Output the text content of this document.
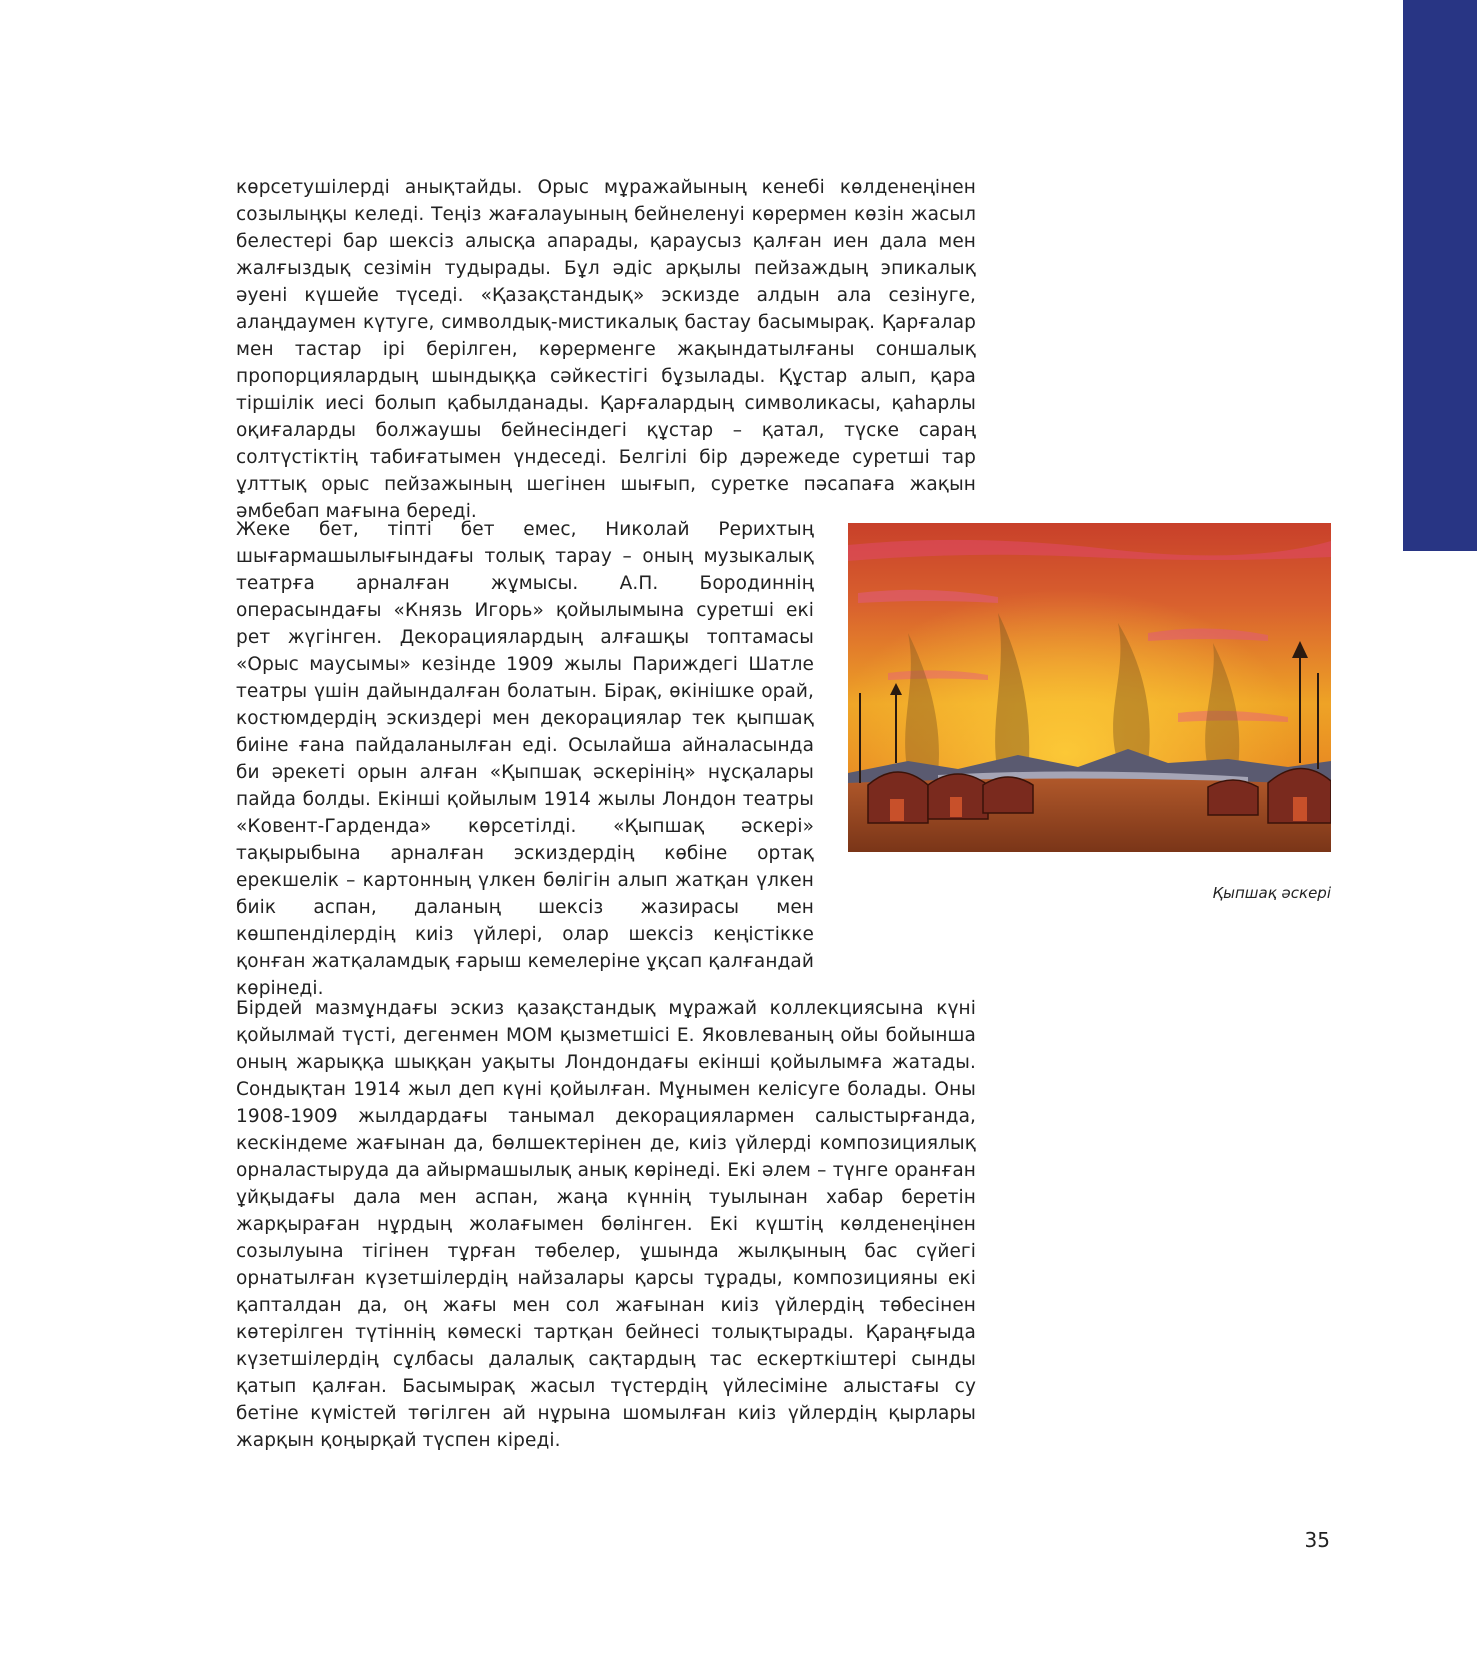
көрсетушілерді анықтайды. Орыс мұражайының кенебі көлденеңінен созылыңқы келеді. Теңіз жағалауының бейнеленуі көрермен көзін жасыл белестері бар шексіз алысқа апарады, қараусыз қалған иен дала мен жалғыздық сезімін тудырады. Бұл әдіс арқылы пейзаждың эпикалық әуені күшейе түседі. «Қазақстандық» эскизде алдын ала сезінуге, алаңдаумен күтуге, символдық-мистикалық бастау басымырақ. Қарғалар мен тастар ірі берілген, көрерменге жақындатылғаны соншалық пропорциялардың шындыққа сәйкестігі бұзылады. Құстар алып, қара тіршілік иесі болып қабылданады. Қарғалардың символикасы, қаһарлы оқиғаларды болжаушы бейнесіндегі құстар – қатал, түске сараң солтүстіктің табиғатымен үндеседі. Белгілі бір дәрежеде суретші тар ұлттық орыс пейзажының шегінен шығып, суретке пәсапаға жақын әмбебап мағына береді.

Жеке бет, тіпті бет емес, Николай Рерихтың шығармашылығындағы толық тарау – оның музыкалық театрға арналған жұмысы. А.П. Бородиннің операсындағы «Князь Игорь» қойылымына суретші екі рет жүгінген. Декорациялардың алғашқы топтамасы «Орыс маусымы» кезінде 1909 жылы Париждегі Шатле театры үшін дайындалған болатын. Бірақ, өкінішке орай, костюмдердің эскиздері мен декорациялар тек қыпшақ биіне ғана пайдаланылған еді. Осылайша айналасында би әрекеті орын алған «Қыпшақ әскерінің» нұсқалары пайда болды. Екінші қойылым 1914 жылы Лондон театры «Ковент-Гарденда» көрсетілді. «Қыпшақ әскері» тақырыбына арналған эскиздердің көбіне ортақ ерекшелік – картонның үлкен бөлігін алып жатқан үлкен биік аспан, даланың шексіз жазирасы мен көшпенділердің киіз үйлері, олар шексіз кеңістікке қонған жатқаламдық ғарыш кемелеріне ұқсап қалғандай көрінеді.

Қыпшақ әскері

Бірдей мазмұндағы эскиз қазақстандық мұражай коллекциясына күні қойылмай түсті, дегенмен МОМ қызметшісі Е. Яковлеваның ойы бойынша оның жарыққа шыққан уақыты Лондондағы екінші қойылымға жатады. Сондықтан 1914 жыл деп күні қойылған. Мұнымен келісуге болады. Оны 1908-1909 жылдардағы танымал декорациялармен салыстырғанда, кескіндеме жағынан да, бөлшектерінен де, киіз үйлерді композициялық орналастыруда да айырмашылық анық көрінеді. Екі әлем – түнге оранған ұйқыдағы дала мен аспан, жаңа күннің туылынан хабар беретін жарқыраған нұрдың жолағымен бөлінген. Екі күштің көлденеңінен созылуына тігінен тұрған төбелер, ұшында жылқының бас сүйегі орнатылған күзетшілердің найзалары қарсы тұрады, композицияны екі қапталдан да, оң жағы мен сол жағынан киіз үйлердің төбесінен көтерілген түтіннің көмескі тартқан бейнесі толықтырады. Қараңғыда күзетшілердің сұлбасы далалық сақтардың тас ескерткіштері сынды қатып қалған. Басымырақ жасыл түстердің үйлесіміне алыстағы су бетіне күмістей төгілген ай нұрына шомылған киіз үйлердің қырлары жарқын қоңырқай түспен кіреді.

35
